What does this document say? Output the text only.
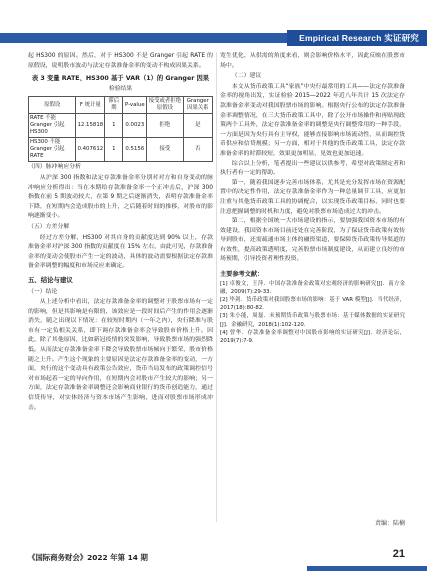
Empirical Research 实证研究

起 HS300 的原因。然后，对于 HS300 不是 Granger 引起 RATE 的原假设，说明股市波动与法定存款准备金率的变动不构成因果关系。

表 3 变量 RATE、HS300 基于 VAR（1）的 Granger 因果
检验结果
原假设	F 统计量	滞后期	P-value	接受或者拒绝原假设	Granger 因果关系
RATE 不能 Granger 引起 HS300	12.15818	1	0.0023	拒绝	是
HS300 不能 Granger 引起 RATE	0.407612	1	0.5156	接受	否

（四）脉冲响应分析

从沪深 300 指数和法定存款准备金率分别对对方和自身变动的脉冲响应分析得出：当在本期给存款准备金率一个正冲击后，沪深 300 指数在前 5 期波动较大，在第 9 期之后逐渐消失，表明存款准备金率下降，在短期内会造成股市的上升，之后随着时间的推移，对股市的影响逐渐变小。

（五）方差分解

经过方差分解，HS300 对其自身的贡献度达到 90% 以上，存款准备金率对沪深 300 指数的贡献度在 15% 左右，由此可见，存款准备金率的变动会使股市产生一定的波动，具体的波动需要根据法定存款准备金率调整的幅度和市场反应来确定。

五、结论与建议

（一）结论

从上述分析中看出，法定存款准备金率的调整对于股票市场有一定的影响，但是其影响是有限的，该效应是一段时间后产生的作用会逐渐消失，随之出现以下情况：在较短时期内（一年之内），央行降准与股市有一定负相关关系，即下调存款准备金率会导致股市价格上升。因此，除了其他原因，比如新冠疫情的突发影响，导致股票市场的强烈降低。从而法定存款准备金率下降会导致股票市场倾向于繁荣，股市价格随之上升。产生这个现象的主要原因是法定存款准备金率的变动，一方面，央行的这个变动具有政策公告效应，货币当局发布的政策调控信号对市场起着一定的导向作用，在短期内会对股市产生较大的影响；另一方面，法定存款准备金率调整还会影响商业银行的货币创造能力，通过信贷传导，对实体经济与资本市场产生影响，进而对股票市场形成冲击。

宽生优化，从供需的角度来看，则会影响价格水平，因此反映在股票市场中。

（二）建议

本文从货币政策工具“家族”中央行最常用的工具——法定存款准备金率的视角出发，实证检验 2015—2022 年近八年共计 15 次法定存款准备金率变动对我国股票市场的影响。根据央行公布的法定存款准备金率调整情况，在三大货币政策工具中，除了公开市场操作和再贴现政策两个工具外，法定存款准备金率的调整是央行调整常用的一种手段，一方面是因为央行具有主导权，能够直接影响市场流动性，从而调控货币供应和信贷规模；另一方面，相对于其他的货币政策工具，法定存款准备金率的时滞较短，效果更加明显，见效也更加迅速。

综合以上分析，笔者提出一些建议以供参考，希望对政策制定者和执行者有一定的帮助。

第一，随着我国逐步完善市场体系，尤其是充分发挥市场在资源配置中的决定性作用，法定存款准备金率作为一种总量调节工具，应更加注重与其他货币政策工具的协调配合，以实现货币政策目标，同时也要注意把握调整的时机和力度，避免对股票市场造成过大的冲击。

第二，根据全国统一大市场建设的指示，要加强我国资本市场的有效建设，我国资本市场目前还处在完善阶段，为了保证货币政策有效传导到股市，还需疏通市场主体的融资渠道，要保障货币政策传导渠道的有效性，提高政策透明度，完善股票市场制度建设，从而建立良好的市场预期，引导投资者理性投资。

主要参考文献：

[1] 卓俊文，王萍．中国存款准备金政策对宏观经济的影响研究[J]．南方金融，2009(7):29-33.

[2] 毕剑．货币政策对我国股票市场的影响：基于 VAR 模型[J]．当代经济，2017(18):80-82.

[3] 朱小能，周磊．未预期货币政策与股票市场：基于媒体数据的实证研究[J]．金融研究，2018(1):102-120.

[4] 曾华．存款准备金率调整对中国股市影响的实证研究[J]．经济论坛，2019(7):7-9.

责编：陆楠
《国际商务财会》2022 年第 14 期	21
